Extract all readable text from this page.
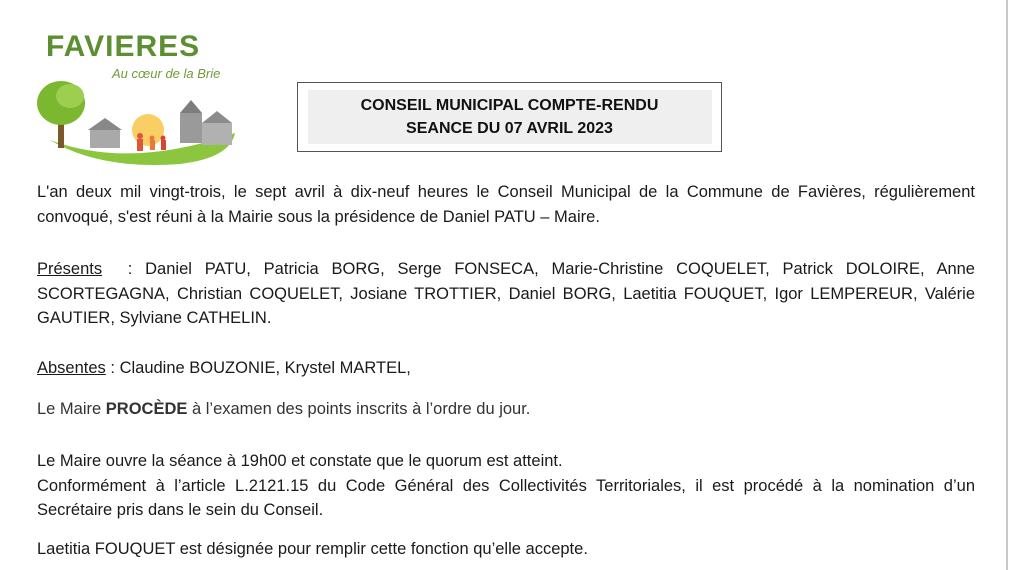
FAVIERES
Au cœur de la Brie
CONSEIL MUNICIPAL COMPTE-RENDU
SEANCE DU 07 AVRIL 2023
L'an deux mil vingt-trois, le sept avril à dix-neuf heures le Conseil Municipal de la Commune de Favières, régulièrement convoqué, s'est réuni à la Mairie sous la présidence de Daniel PATU – Maire.
Présents  : Daniel PATU, Patricia BORG, Serge FONSECA, Marie-Christine COQUELET, Patrick DOLOIRE, Anne SCORTEGAGNA, Christian COQUELET, Josiane TROTTIER, Daniel BORG, Laetitia FOUQUET, Igor LEMPEREUR, Valérie GAUTIER, Sylviane CATHELIN.
Absentes : Claudine BOUZONIE, Krystel MARTEL,
Le Maire PROCÈDE à l’examen des points inscrits à l’ordre du jour.
Le Maire ouvre la séance à 19h00 et constate que le quorum est atteint.
Conformément à l’article L.2121.15 du Code Général des Collectivités Territoriales, il est procédé à la nomination d’un Secrétaire pris dans le sein du Conseil.
Laetitia FOUQUET est désignée pour remplir cette fonction qu’elle accepte.
